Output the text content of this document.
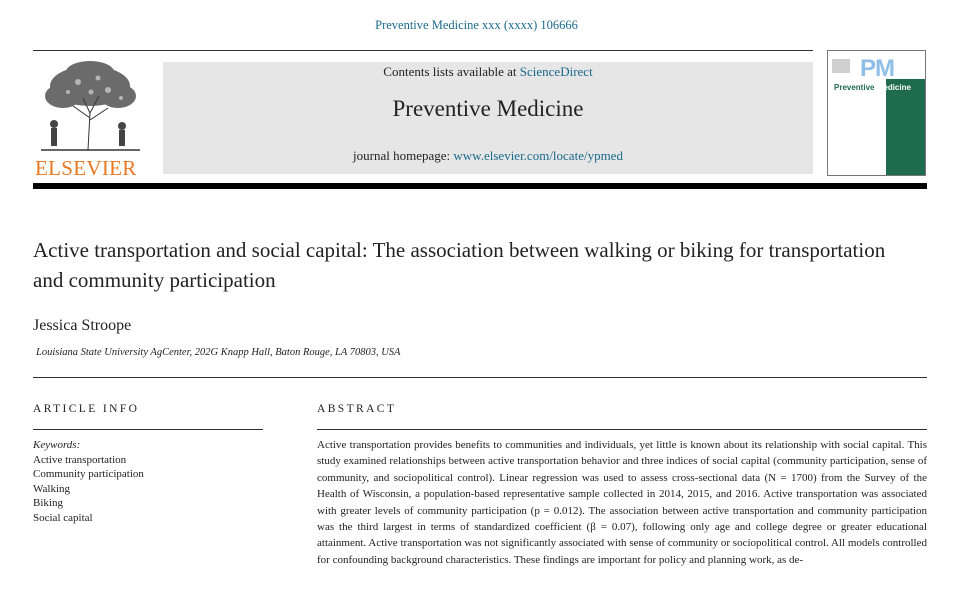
Preventive Medicine xxx (xxxx) 106666
ELSEVIER
Contents lists available at ScienceDirect
Preventive Medicine
journal homepage: www.elsevier.com/locate/ypmed
PM
Preventive Medicine
Active transportation and social capital: The association between walking or biking for transportation and community participation
Jessica Stroope
Louisiana State University AgCenter, 202G Knapp Hall, Baton Rouge, LA 70803, USA
ARTICLE INFO	ABSTRACT
Keywords:
Active transportation
Community participation
Walking
Biking
Social capital
Active transportation provides benefits to communities and individuals, yet little is known about its relationship with social capital. This study examined relationships between active transportation behavior and three indices of social capital (community participation, sense of community, and sociopolitical control). Linear regression was used to assess cross-sectional data (N = 1700) from the Survey of the Health of Wisconsin, a population-based representative sample collected in 2014, 2015, and 2016. Active transportation was associated with greater levels of community participation (p = 0.012). The association between active transportation and community participation was the third largest in terms of standardized coefficient (β = 0.07), following only age and college degree or greater educational attainment. Active transportation was not significantly associated with sense of community or sociopolitical control. All models controlled for confounding background characteristics. These findings are important for policy and planning work, as de-
